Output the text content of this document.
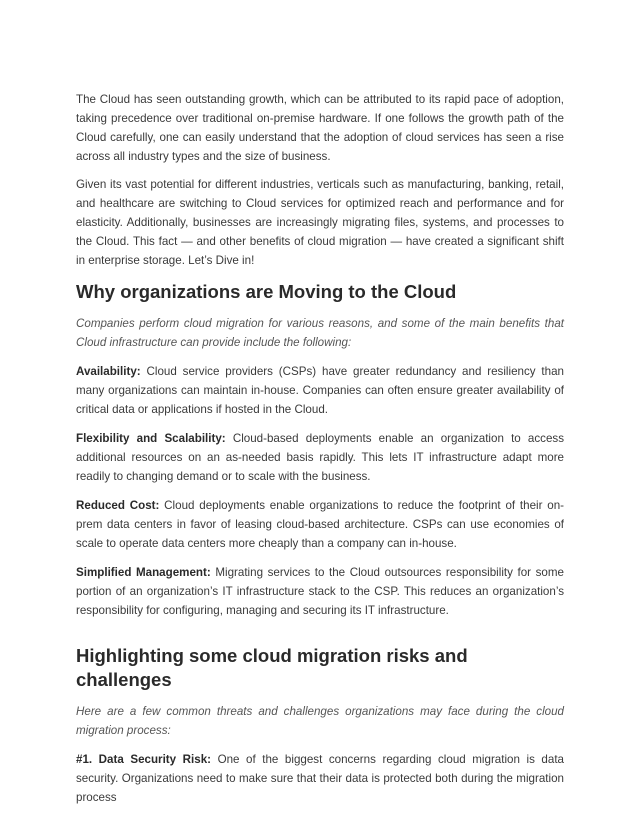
The Cloud has seen outstanding growth, which can be attributed to its rapid pace of adoption, taking precedence over traditional on-premise hardware. If one follows the growth path of the Cloud carefully, one can easily understand that the adoption of cloud services has seen a rise across all industry types and the size of business.

Given its vast potential for different industries, verticals such as manufacturing, banking, retail, and healthcare are switching to Cloud services for optimized reach and performance and for elasticity. Additionally, businesses are increasingly migrating files, systems, and processes to the Cloud. This fact — and other benefits of cloud migration — have created a significant shift in enterprise storage. Let’s Dive in!

Why organizations are Moving to the Cloud

Companies perform cloud migration for various reasons, and some of the main benefits that Cloud infrastructure can provide include the following:

Availability: Cloud service providers (CSPs) have greater redundancy and resiliency than many organizations can maintain in-house. Companies can often ensure greater availability of critical data or applications if hosted in the Cloud.

Flexibility and Scalability: Cloud-based deployments enable an organization to access additional resources on an as-needed basis rapidly. This lets IT infrastructure adapt more readily to changing demand or to scale with the business.

Reduced Cost: Cloud deployments enable organizations to reduce the footprint of their on-prem data centers in favor of leasing cloud-based architecture. CSPs can use economies of scale to operate data centers more cheaply than a company can in-house.

Simplified Management: Migrating services to the Cloud outsources responsibility for some portion of an organization’s IT infrastructure stack to the CSP. This reduces an organization’s responsibility for configuring, managing and securing its IT infrastructure.

Highlighting some cloud migration risks and challenges

Here are a few common threats and challenges organizations may face during the cloud migration process:

#1. Data Security Risk: One of the biggest concerns regarding cloud migration is data security. Organizations need to make sure that their data is protected both during the migration process
